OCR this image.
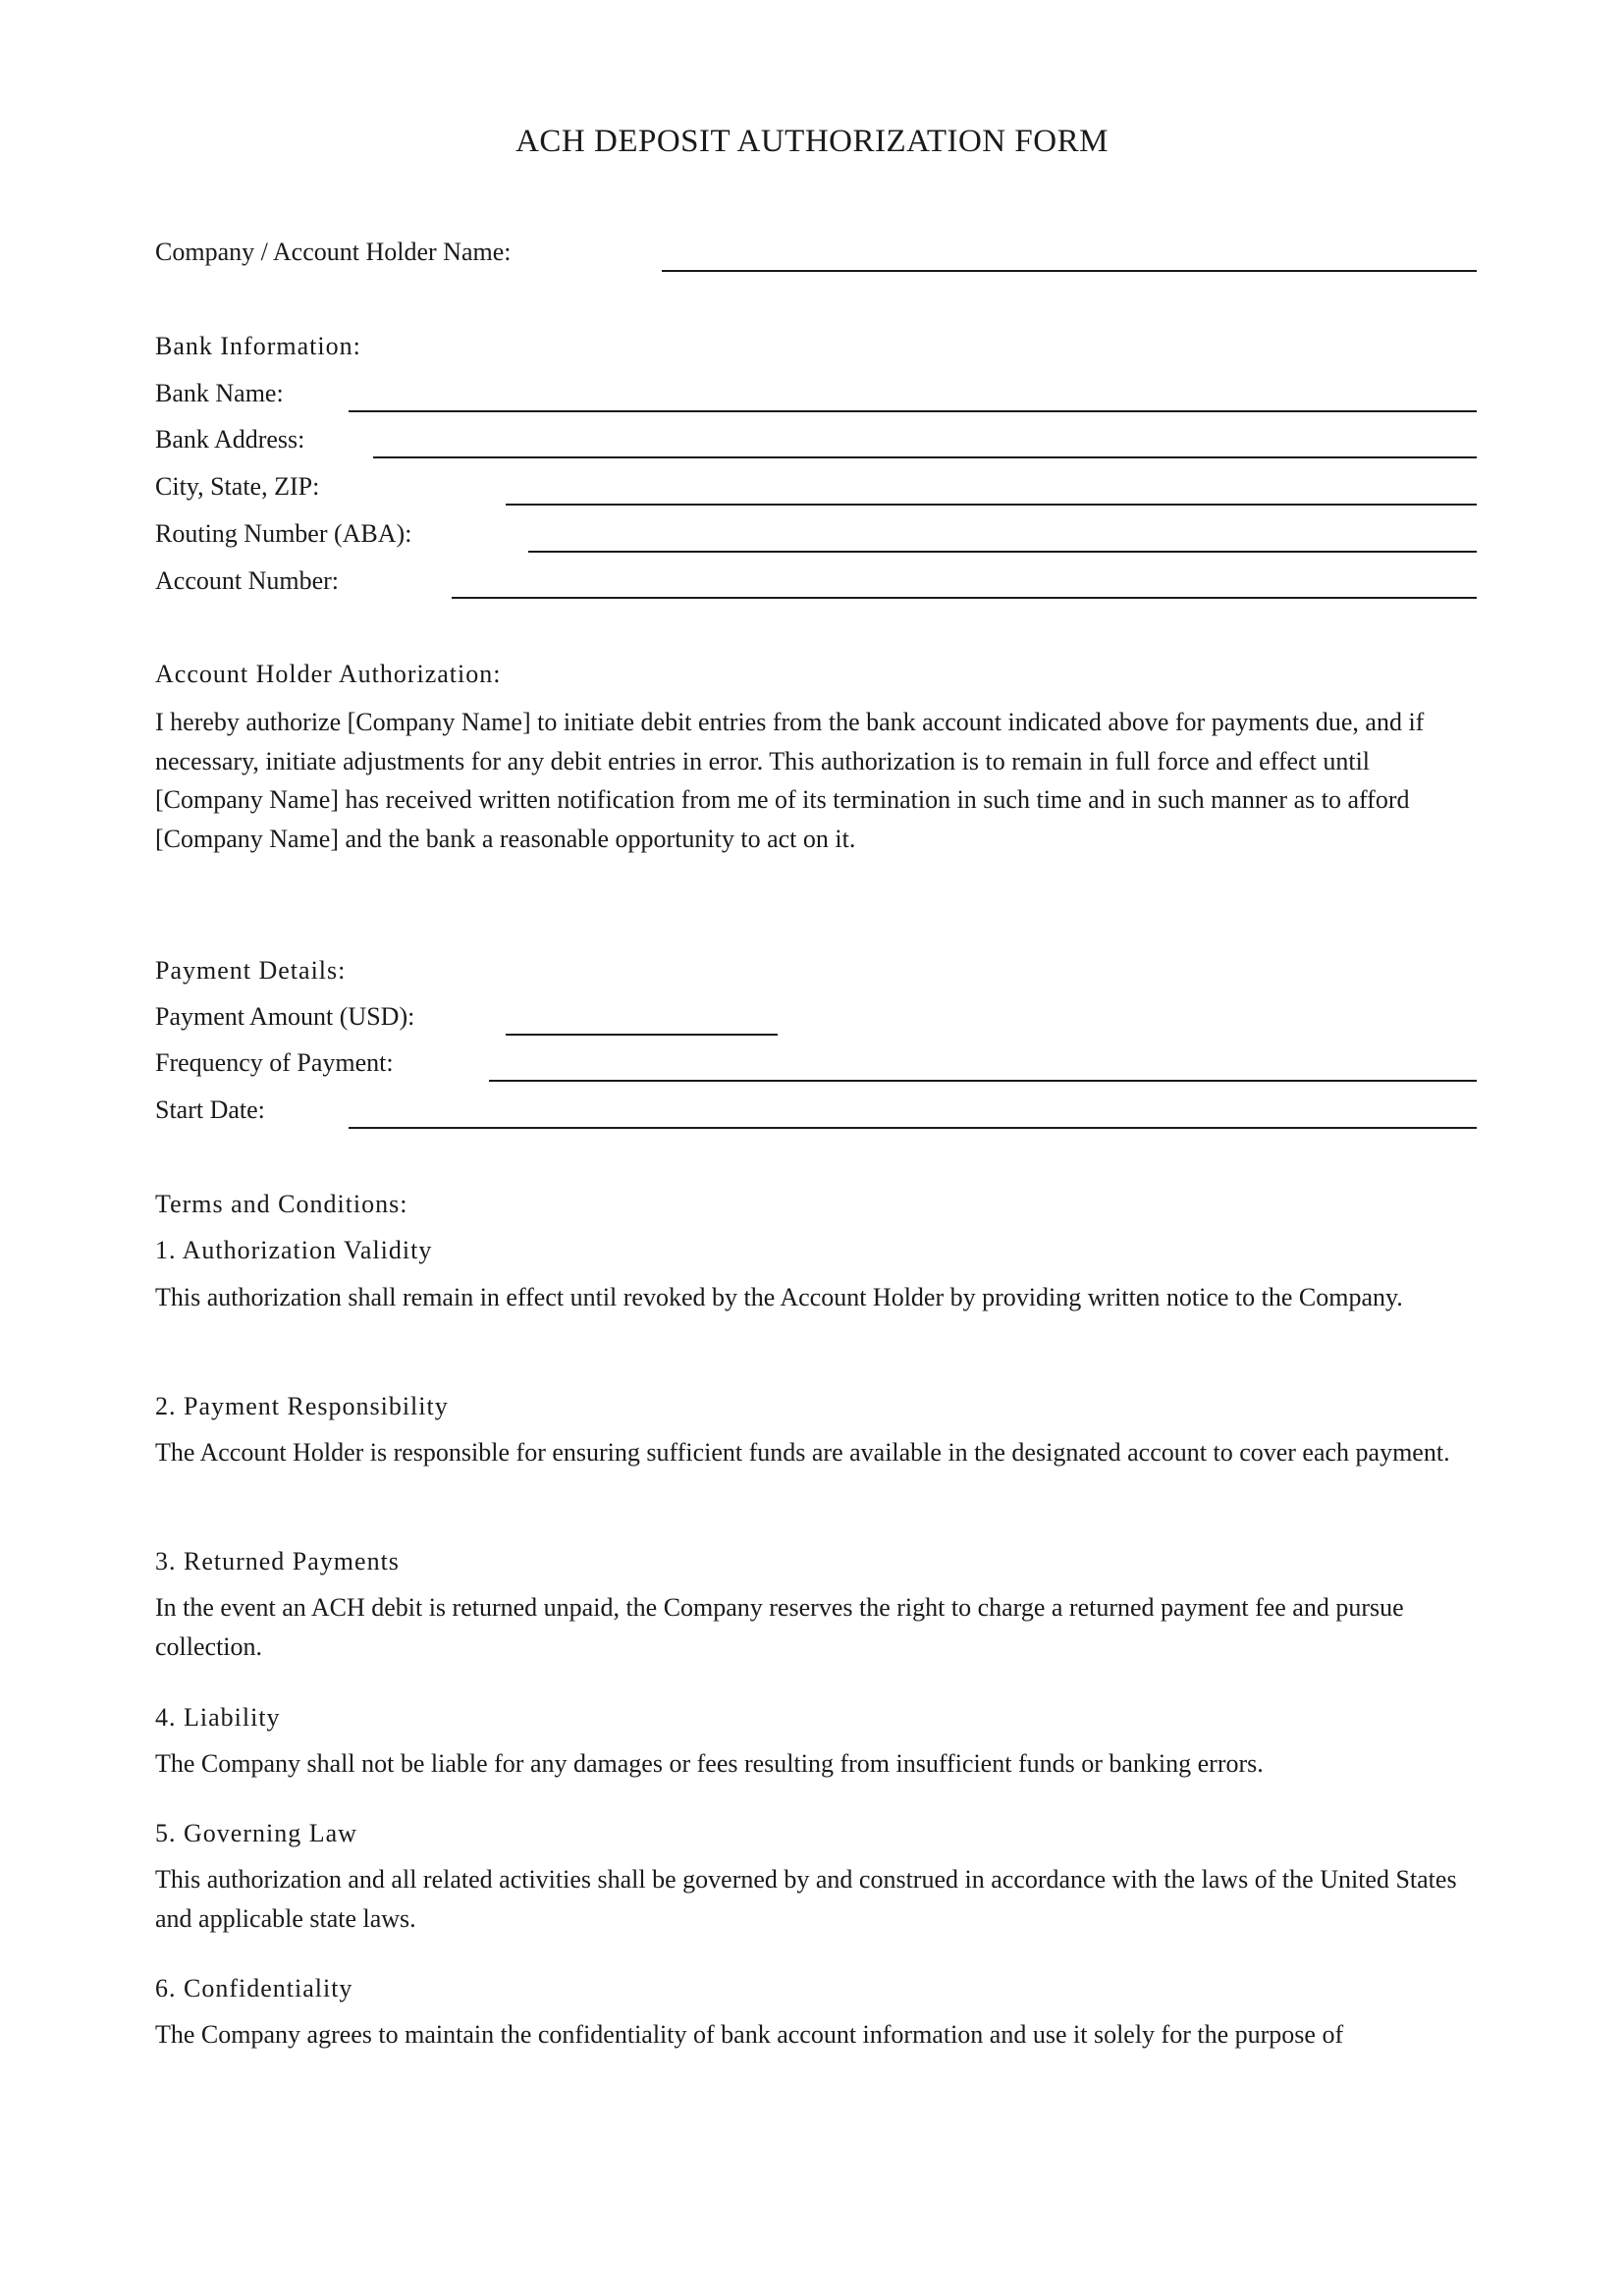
ACH DEPOSIT AUTHORIZATION FORM
Company / Account Holder Name:
Bank Information:
Bank Name:
Bank Address:
City, State, ZIP:
Routing Number (ABA):
Account Number:
Account Holder Authorization:
I hereby authorize [Company Name] to initiate debit entries from the bank account indicated above for payments due, and if necessary, initiate adjustments for any debit entries in error. This authorization is to remain in full force and effect until [Company Name] has received written notification from me of its termination in such time and in such manner as to afford [Company Name] and the bank a reasonable opportunity to act on it.
Payment Details:
Payment Amount (USD):
Frequency of Payment:
Start Date:
Terms and Conditions:
1. Authorization Validity
This authorization shall remain in effect until revoked by the Account Holder by providing written notice to the Company.
2. Payment Responsibility
The Account Holder is responsible for ensuring sufficient funds are available in the designated account to cover each payment.
3. Returned Payments
In the event an ACH debit is returned unpaid, the Company reserves the right to charge a returned payment fee and pursue collection.
4. Liability
The Company shall not be liable for any damages or fees resulting from insufficient funds or banking errors.
5. Governing Law
This authorization and all related activities shall be governed by and construed in accordance with the laws of the United States and applicable state laws.
6. Confidentiality
The Company agrees to maintain the confidentiality of bank account information and use it solely for the purpose of
